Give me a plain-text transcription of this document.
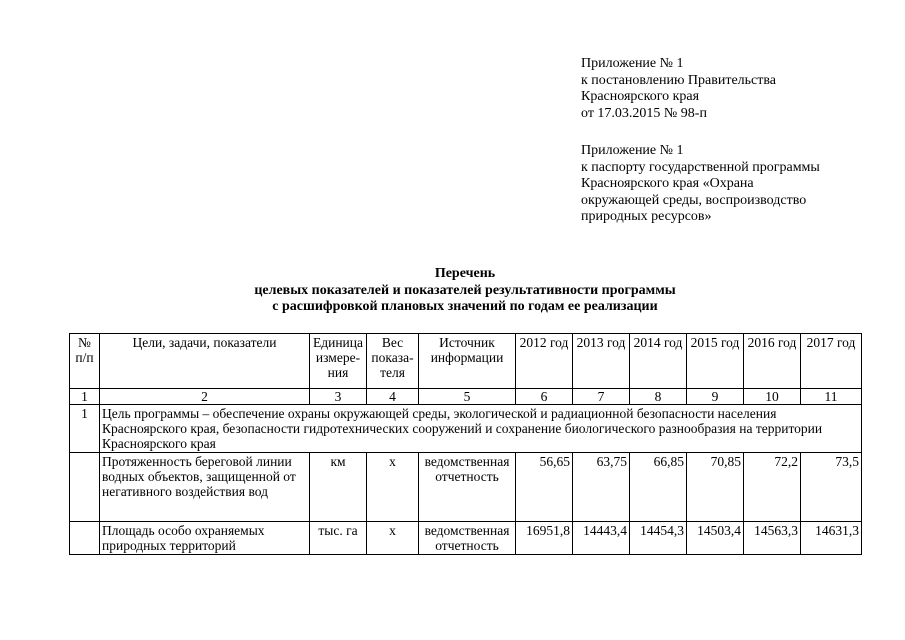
Приложение № 1
к постановлению Правительства
Красноярского края
от 17.03.2015 № 98-п
Приложение № 1
к паспорту государственной программы
Красноярского края «Охрана
окружающей среды, воспроизводство
природных ресурсов»
Перечень
целевых показателей и показателей результативности программы
с расшифровкой плановых значений по годам ее реализации
№ п/п	Цели, задачи, показатели	Единица измере-ния	Вес показа-теля	Источник информации	2012 год	2013 год	2014 год	2015 год	2016 год	2017 год
1	2	3	4	5	6	7	8	9	10	11
1	Цель программы – обеспечение охраны окружающей среды, экологической и радиационной безопасности населения Красноярского края, безопасности гидротехнических сооружений и сохранение биологического разнообразия на территории Красноярского края									
	Протяженность береговой линии водных объектов, защищенной от негативного воздействия вод	км	х	ведомственная отчетность	56,65	63,75	66,85	70,85	72,2	73,5
	Площадь особо охраняемых природных территорий	тыс. га	х	ведомственная отчетность	16951,8	14443,4	14454,3	14503,4	14563,3	14631,3
